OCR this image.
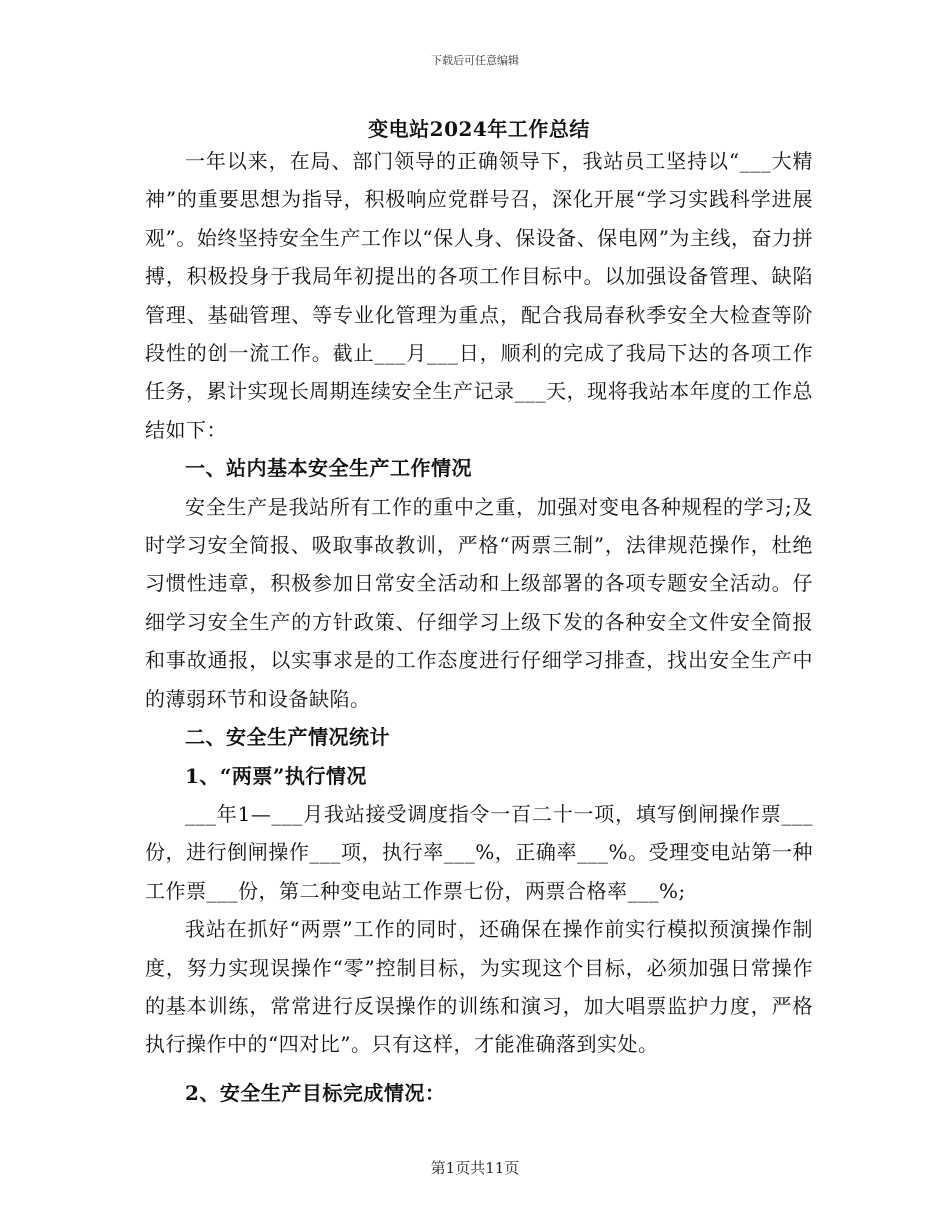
下载后可任意编辑
变电站2024年工作总结

一年以来，在局、部门领导的正确领导下，我站员工坚持以“___大精神”的重要思想为指导，积极响应党群号召，深化开展“学习实践科学进展观”。始终坚持安全生产工作以“保人身、保设备、保电网”为主线，奋力拼搏，积极投身于我局年初提出的各项工作目标中。以加强设备管理、缺陷管理、基础管理、等专业化管理为重点，配合我局春秋季安全大检查等阶段性的创一流工作。截止___月___日，顺利的完成了我局下达的各项工作任务，累计实现长周期连续安全生产记录___天，现将我站本年度的工作总结如下：

一、站内基本安全生产工作情况

安全生产是我站所有工作的重中之重，加强对变电各种规程的学习;及时学习安全简报、吸取事故教训，严格“两票三制”，法律规范操作，杜绝习惯性违章，积极参加日常安全活动和上级部署的各项专题安全活动。仔细学习安全生产的方针政策、仔细学习上级下发的各种安全文件安全简报和事故通报，以实事求是的工作态度进行仔细学习排查，找出安全生产中的薄弱环节和设备缺陷。

二、安全生产情况统计

1、“两票”执行情况

___年1—___月我站接受调度指令一百二十一项，填写倒闸操作票___份，进行倒闸操作___项，执行率___%，正确率___%。受理变电站第一种工作票___份，第二种变电站工作票七份，两票合格率___%;

我站在抓好“两票”工作的同时，还确保在操作前实行模拟预演操作制度，努力实现误操作“零”控制目标，为实现这个目标，必须加强日常操作的基本训练，常常进行反误操作的训练和演习，加大唱票监护力度，严格执行操作中的“四对比”。只有这样，才能准确落到实处。

2、安全生产目标完成情况：

第1页共11页
